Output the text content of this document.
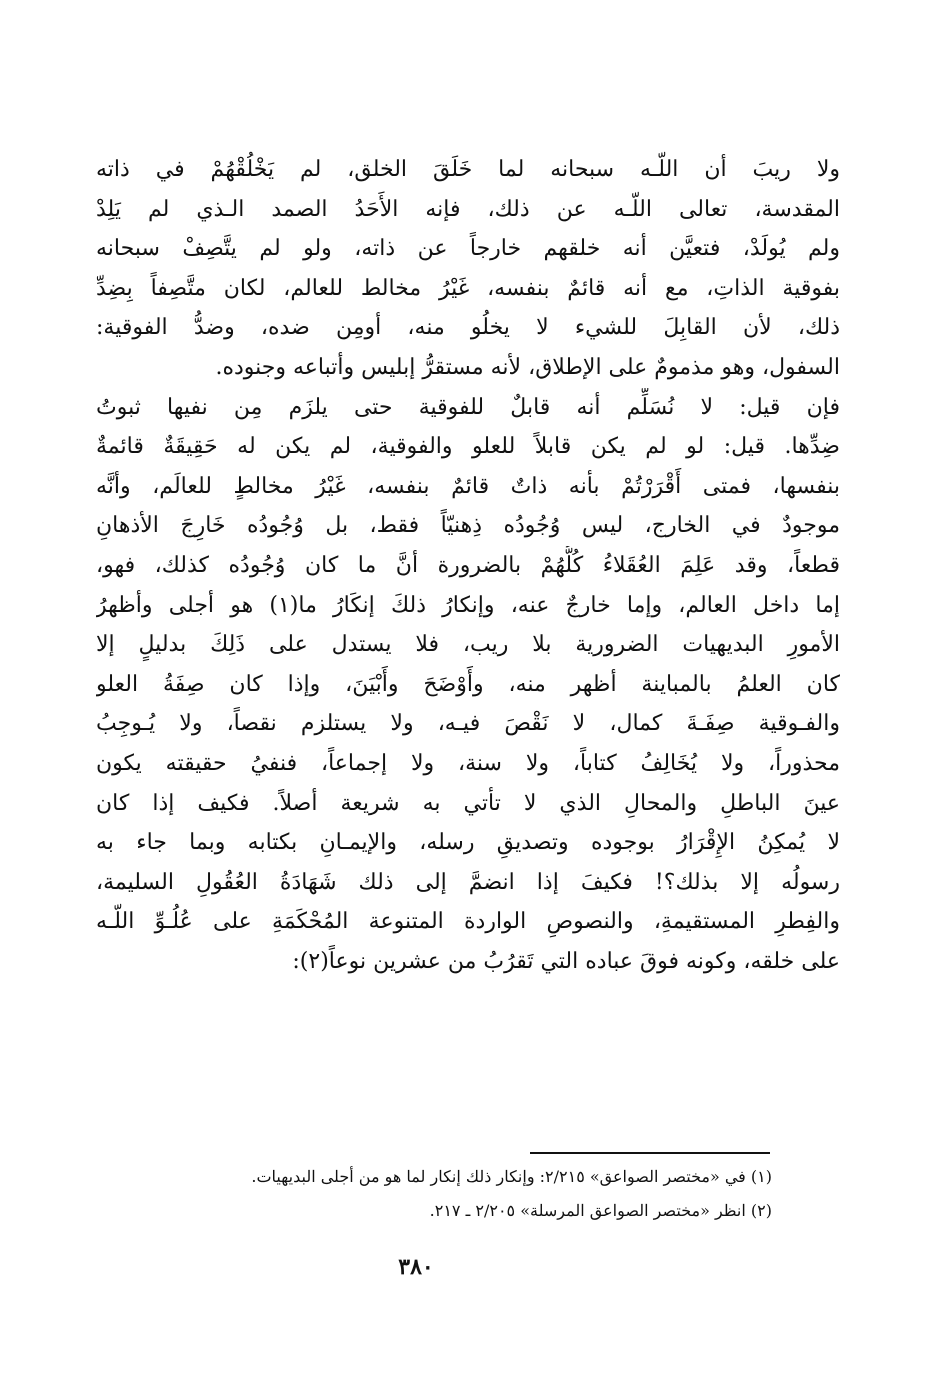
ولا ريبَ أن اللّـه سبحانه لما خَلَقَ الخلق، لم يَخْلُقْهُمْ في ذاته
المقدسة، تعالى اللّـه عن ذلك، فإنه الأَحَدُ الصمد الـذي لم يَلِدْ
ولم يُولَدْ، فتعيَّن أنه خلقهم خارجاً عن ذاته، ولو لم يتَّصِفْ سبحانه
بفوقية الذاتِ، مع أنه قائمٌ بنفسه، غَيْرُ مخالط للعالم، لكان متَّصِفاً بِضِدِّ
ذلك، لأن القابِلَ للشيء لا يخلُو منه، أومِن ضده، وضدُّ الفوقية:
السفول، وهو مذمومٌ على الإطلاق، لأنه مستقرُّ إبليس وأتباعه وجنوده.
فإن قيل: لا نُسَلِّم أنه قابلٌ للفوقية حتى يلزَم مِن نفيها ثبوتُ
ضِدِّها. قيل: لو لم يكن قابلاً للعلو والفوقية، لم يكن له حَقِيقَةٌ قائمةٌ
بنفسها، فمتى أَقْرَرْتُمْ بأنه ذاتٌ قائمٌ بنفسه، غَيْرُ مخالطٍ للعالَم، وأنَّه
موجودٌ في الخارج، ليس وُجُودُه ذِهنيّاً فقط، بل وُجُودُه خَارِجَ الأذهانِ
قطعاً، وقد عَلِمَ العُقَلاءُ كُلُّهُمْ بالضرورة أنَّ ما كان وُجُودُه كذلك، فهو،
إما داخل العالم، وإما خارجٌ عنه، وإنكارُ ذلكَ إنكَارُ ما(١) هو أجلى وأظهرُ
الأمورِ البديهيات الضرورية بلا ريب، فلا يستدل على ذَلِكَ بدليلٍ إلا
كان العلمُ بالمباينة أظهر منه، وأَوْضَحَ وأَبْيَنَ، وإذا كان صِفَةُ العلو
والفـوقية صِفَـةَ كمال، لا نَقْصَ فيـه، ولا يستلزم نقصاً، ولا يُـوجِبُ
محذوراً، ولا يُخَالِفُ كتاباً، ولا سنة، ولا إجماعاً، فنفيُ حقيقته يكون
عينَ الباطلِ والمحالِ الذي لا تأتي به شريعة أصلاً. فكيف إذا كان
لا يُمكِنُ الإِقْرَارُ بوجوده وتصديقِ رسله، والإيمـانِ بكتابه وبما جاء به
رسولُه إلا بذلك؟! فكيفَ إذا انضمَّ إلى ذلك شَهَادَةُ العُقُولِ السليمة،
والفِطرِ المستقيمةِ، والنصوصِ الواردة المتنوعة المُحْكَمَةِ على عُلُـوِّ اللّـه
على خلقه، وكونه فوقَ عباده التي تَقرُبُ من عشرين نوعاً(٢):
(١) في «مختصر الصواعق» ٢/٢١٥: وإنكار ذلك إنكار لما هو من أجلى البديهيات.
(٢) انظر «مختصر الصواعق المرسلة» ٢/٢٠٥ ـ ٢١٧.
٣٨٠
